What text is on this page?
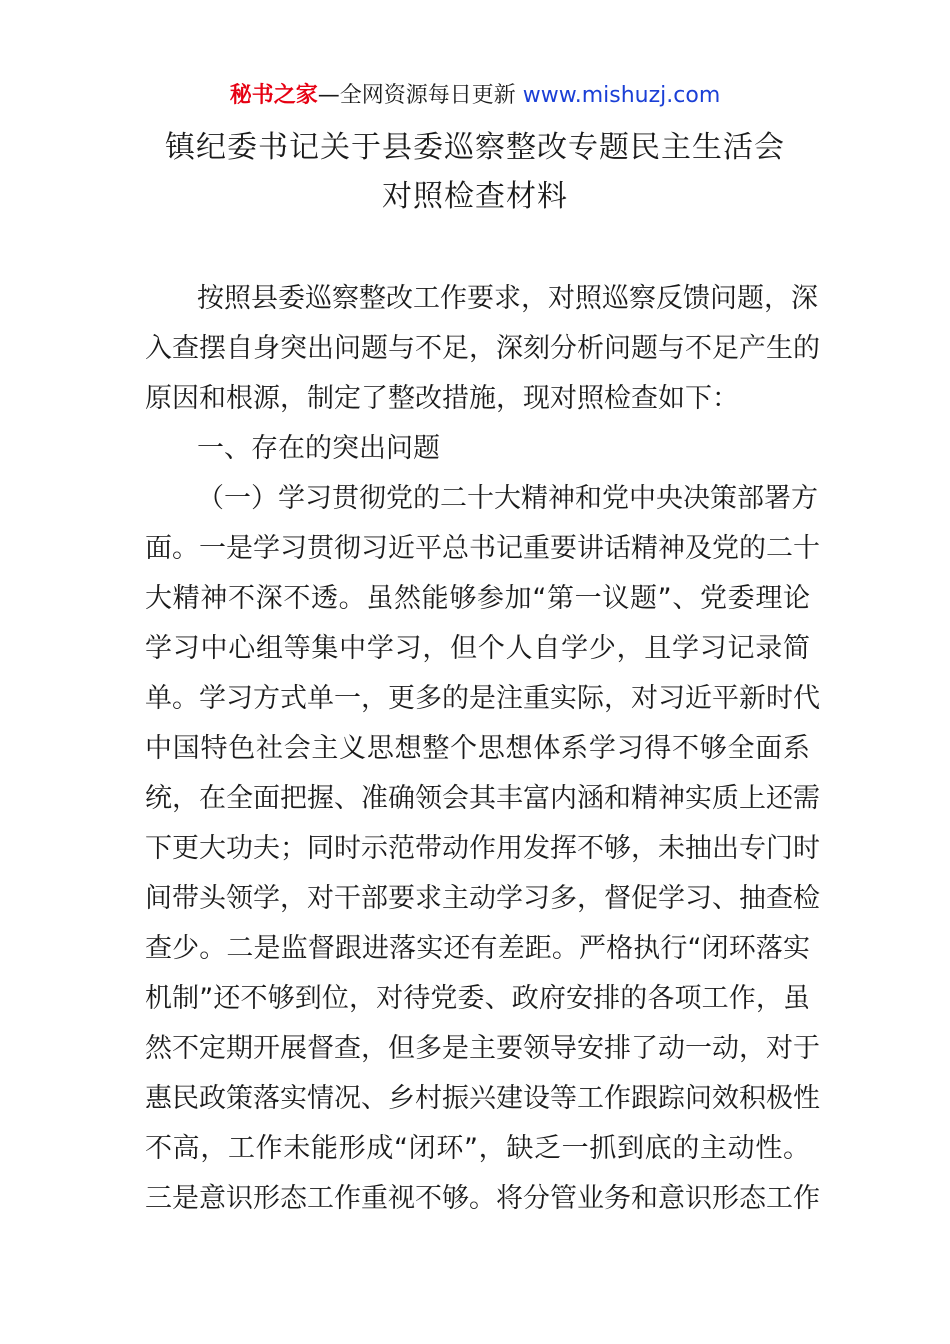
秘书之家—全网资源每日更新 www.mishuzj.com
镇纪委书记关于县委巡察整改专题民主生活会
对照检查材料
按照县委巡察整改工作要求，对照巡察反馈问题，深
入查摆自身突出问题与不足，深刻分析问题与不足产生的
原因和根源，制定了整改措施，现对照检查如下：
一、存在的突出问题
（一）学习贯彻党的二十大精神和党中央决策部署方
面。一是学习贯彻习近平总书记重要讲话精神及党的二十
大精神不深不透。虽然能够参加“第一议题”、党委理论
学习中心组等集中学习，但个人自学少，且学习记录简
单。学习方式单一，更多的是注重实际，对习近平新时代
中国特色社会主义思想整个思想体系学习得不够全面系
统，在全面把握、准确领会其丰富内涵和精神实质上还需
下更大功夫；同时示范带动作用发挥不够，未抽出专门时
间带头领学，对干部要求主动学习多，督促学习、抽查检
查少。二是监督跟进落实还有差距。严格执行“闭环落实
机制”还不够到位，对待党委、政府安排的各项工作，虽
然不定期开展督查，但多是主要领导安排了动一动，对于
惠民政策落实情况、乡村振兴建设等工作跟踪问效积极性
不高，工作未能形成“闭环”，缺乏一抓到底的主动性。
三是意识形态工作重视不够。将分管业务和意识形态工作
